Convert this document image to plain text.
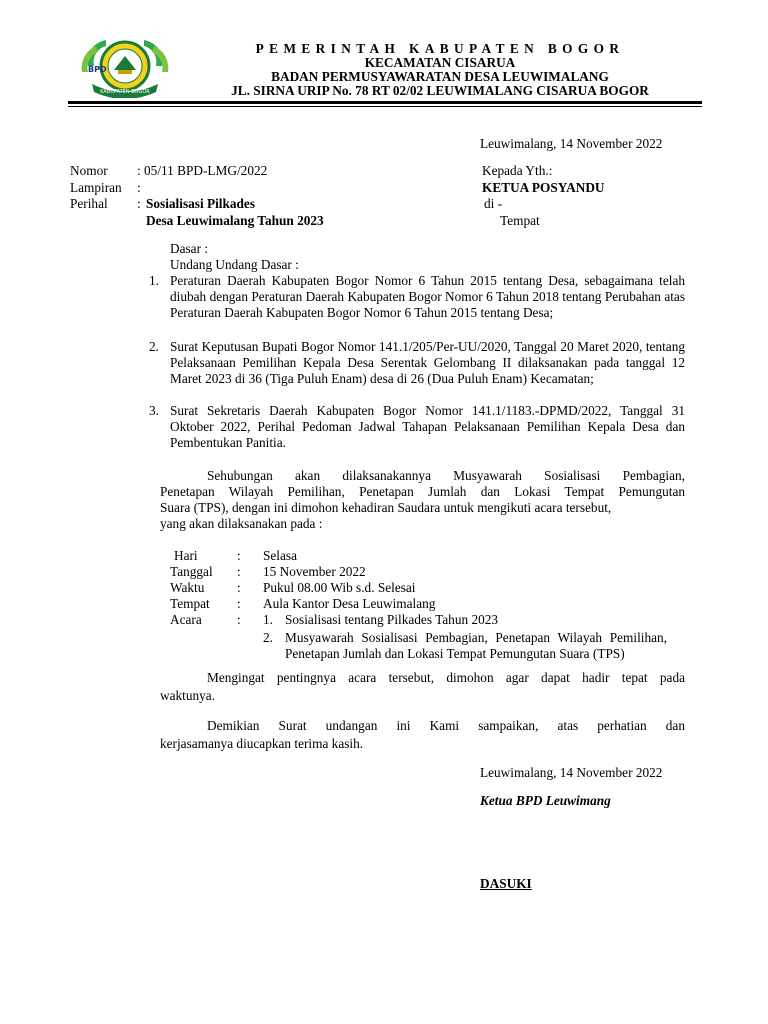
BPD
KABUPATEN BOGOR
PEMERINTAH KABUPATEN BOGOR
KECAMATAN CISARUA
BADAN PERMUSYAWARATAN DESA LEUWIMALANG
JL. SIRNA URIP No. 78 RT 02/02 LEUWIMALANG CISARUA BOGOR
Leuwimalang, 14 November 2022
Nomor : 05/11 BPD-LMG/2022
Lampiran :
Perihal : Sosialisasi Pilkades
Desa Leuwimalang Tahun 2023
Kepada Yth.:
KETUA POSYANDU
di -
Tempat
Dasar :
Undang Undang Dasar :
1. Peraturan Daerah Kabupaten Bogor Nomor 6 Tahun 2015 tentang Desa, sebagaimana telah diubah dengan Peraturan Daerah Kabupaten Bogor Nomor 6 Tahun 2018 tentang Perubahan atas Peraturan Daerah Kabupaten Bogor Nomor 6 Tahun 2015 tentang Desa;
2. Surat Keputusan Bupati Bogor Nomor 141.1/205/Per-UU/2020, Tanggal 20 Maret 2020, tentang Pelaksanaan Pemilihan Kepala Desa Serentak Gelombang II dilaksanakan pada tanggal 12 Maret 2023 di 36 (Tiga Puluh Enam) desa di 26 (Dua Puluh Enam) Kecamatan;
3. Surat Sekretaris Daerah Kabupaten Bogor Nomor 141.1/1183.-DPMD/2022, Tanggal 31 Oktober 2022, Perihal Pedoman Jadwal Tahapan Pelaksanaan Pemilihan Kepala Desa dan Pembentukan Panitia.
Sehubungan akan dilaksanakannya Musyawarah Sosialisasi Pembagian,
Penetapan Wilayah Pemilihan, Penetapan Jumlah dan Lokasi Tempat Pemungutan
Suara (TPS), dengan ini dimohon kehadiran Saudara untuk mengikuti acara tersebut,
yang akan dilaksanakan pada :
Hari	: Selasa
Tanggal : 15 November 2022
Waktu : Pukul 08.00 Wib s.d. Selesai
Tempat : Aula Kantor Desa Leuwimalang
Acara	: 1. Sosialisasi tentang Pilkades Tahun 2023
2. Musyawarah Sosialisasi Pembagian, Penetapan Wilayah Pemilihan, Penetapan Jumlah dan Lokasi Tempat Pemungutan Suara (TPS)
Mengingat pentingnya acara tersebut, dimohon agar dapat hadir tepat pada
waktunya.
Demikian Surat undangan ini Kami sampaikan, atas perhatian dan
kerjasamanya diucapkan terima kasih.
Leuwimalang, 14 November 2022
Ketua BPD Leuwimang
DASUKI
